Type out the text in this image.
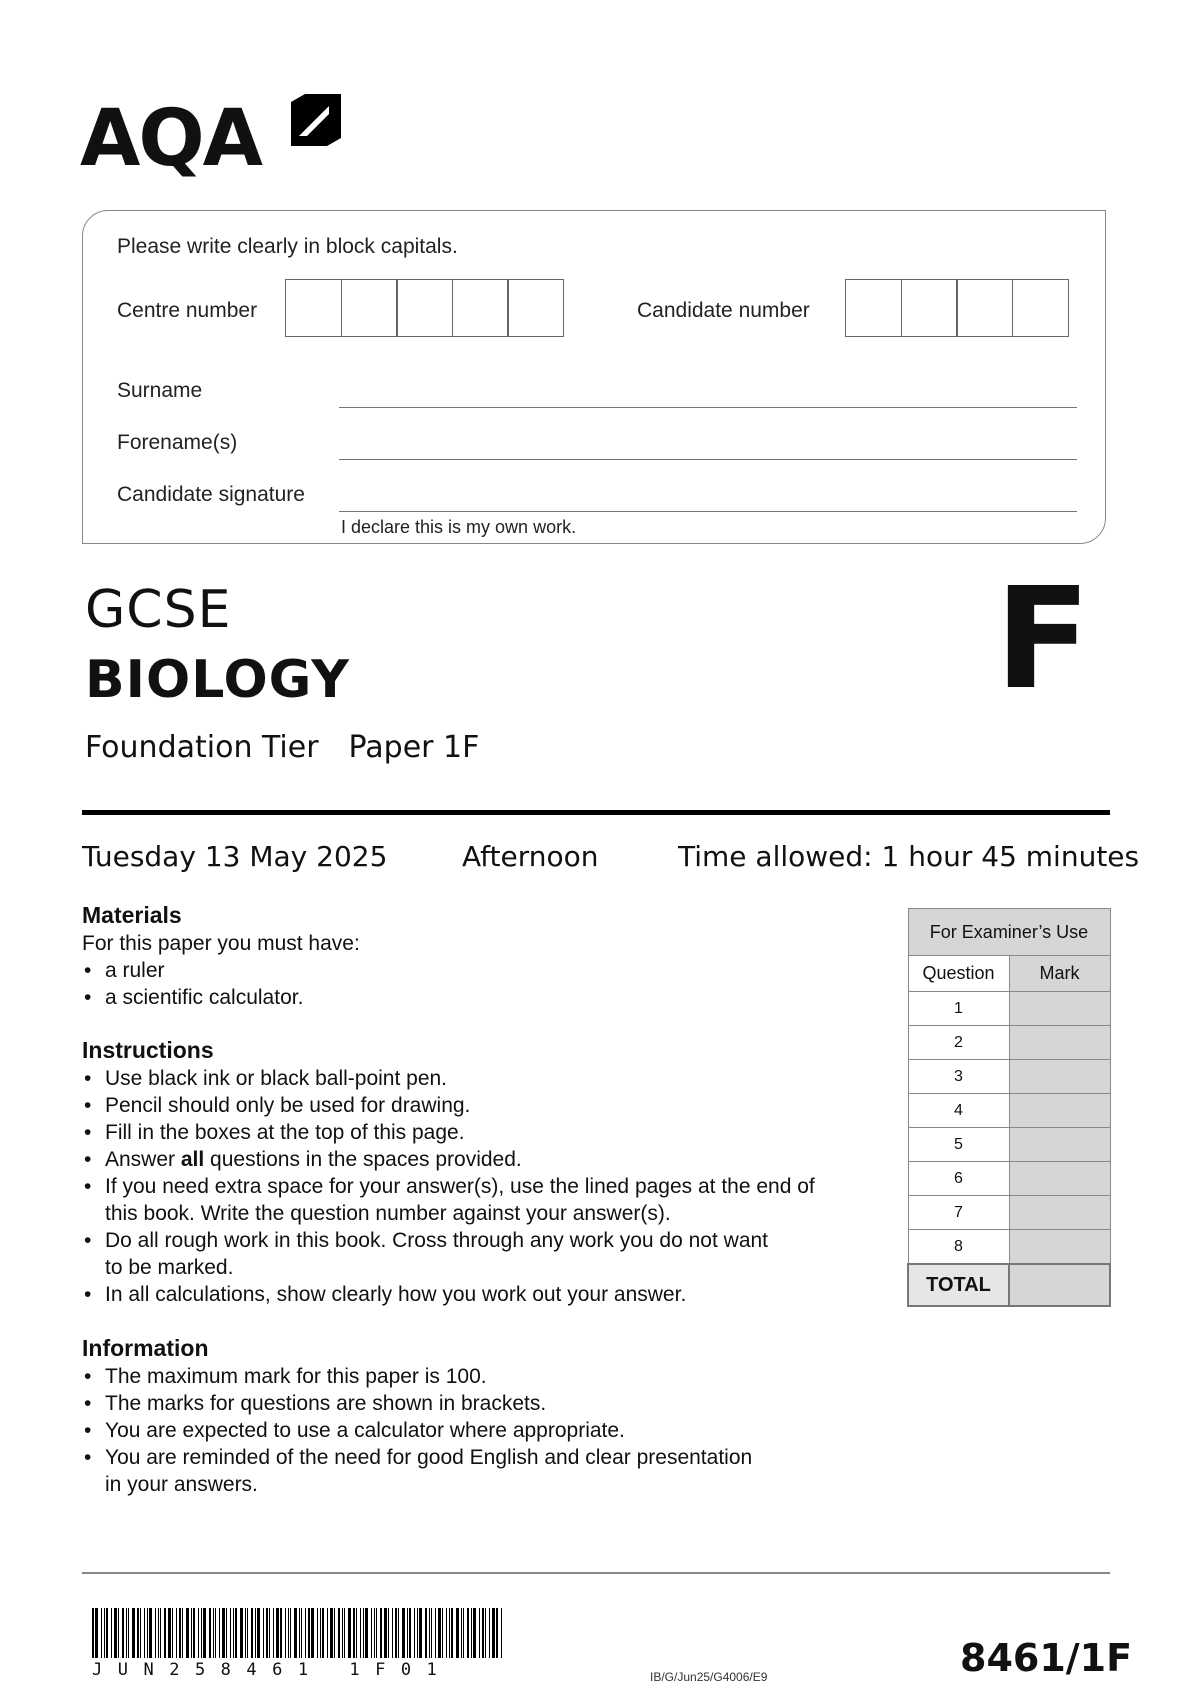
AQA
Please write clearly in block capitals.
Centre number	Candidate number
Surname
Forename(s)
Candidate signature
I declare this is my own work.
GCSE
BIOLOGY
Foundation Tier Paper 1F
F
Tuesday 13 May 2025	Afternoon	Time allowed: 1 hour 45 minutes
Materials
For this paper you must have:
• a ruler
• a scientific calculator.
Instructions
• Use black ink or black ball-point pen.
• Pencil should only be used for drawing.
• Fill in the boxes at the top of this page.
• Answer all questions in the spaces provided.
• If you need extra space for your answer(s), use the lined pages at the end of
this book. Write the question number against your answer(s).
• Do all rough work in this book. Cross through any work you do not want
to be marked.
• In all calculations, show clearly how you work out your answer.
Information
• The maximum mark for this paper is 100.
• The marks for questions are shown in brackets.
• You are expected to use a calculator where appropriate.
• You are reminded of the need for good English and clear presentation
in your answers.
For Examiner’s Use	
Question	Mark
1	
2	
3	
4	
5	
6	
7	
8	
TOTAL	
JUN258461 1F01	IB/G/Jun25/G4006/E9	8461/1F
